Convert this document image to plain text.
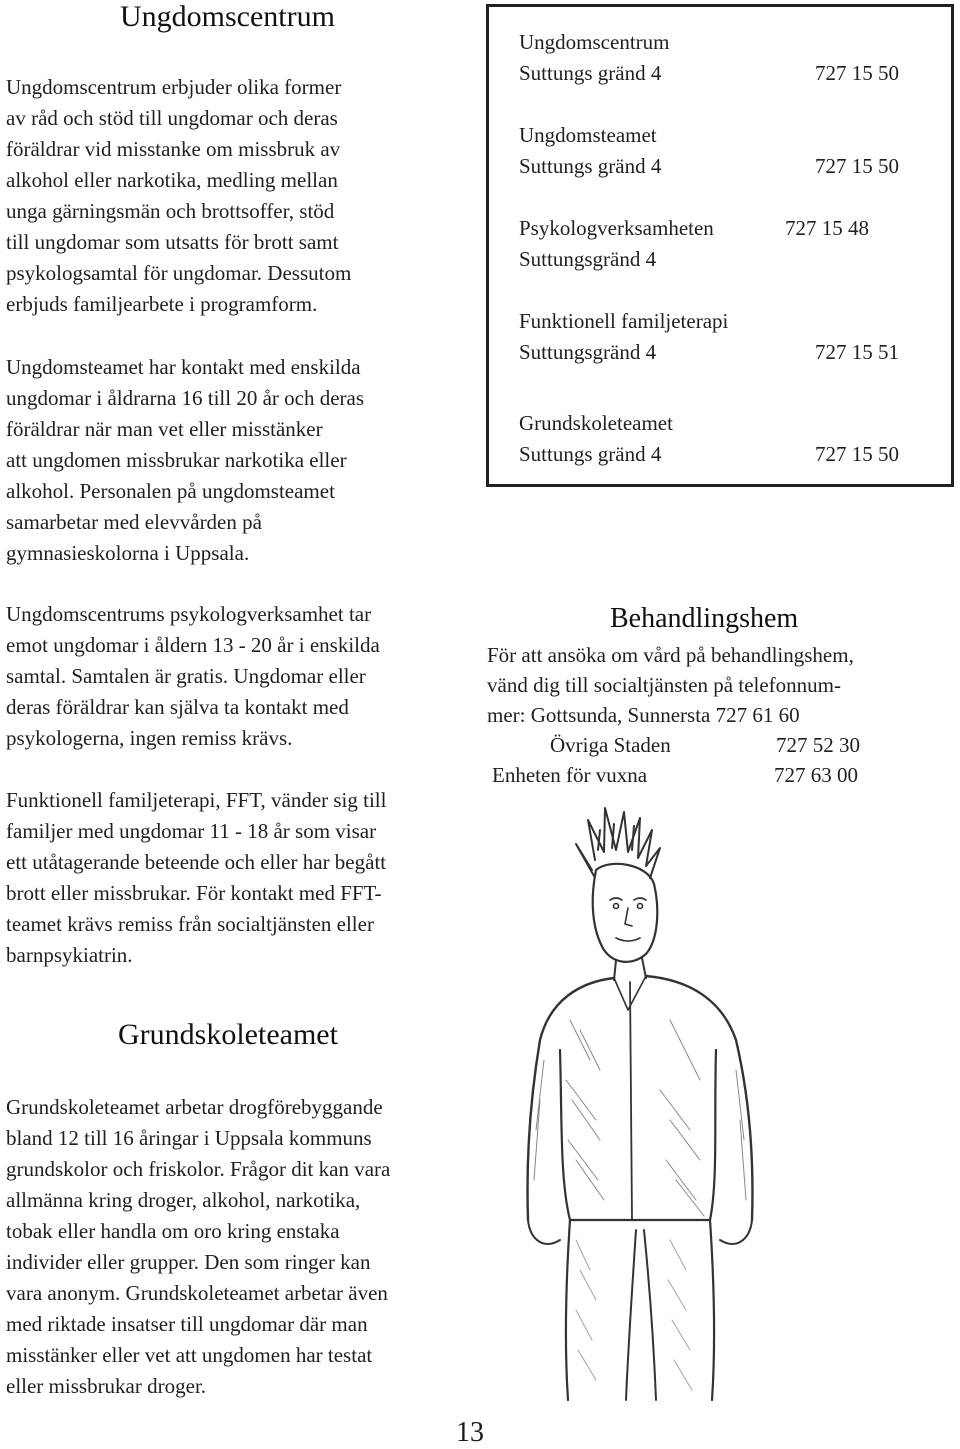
Ungdomscentrum
Ungdomscentrum erbjuder olika former
av råd och stöd till ungdomar och deras
föräldrar vid misstanke om missbruk av
alkohol eller narkotika, medling mellan
unga gärningsmän och brottsoffer, stöd
till ungdomar som utsatts för brott samt
psykologsamtal för ungdomar. Dessutom
erbjuds familjearbete i programform.
Ungdomsteamet har kontakt med enskilda
ungdomar i åldrarna 16 till 20 år och deras
föräldrar när man vet eller misstänker
att ungdomen missbrukar narkotika eller
alkohol. Personalen på ungdomsteamet
samarbetar med elevvården på
gymnasieskolorna i Uppsala.
Ungdomscentrums psykologverksamhet tar
emot ungdomar i åldern 13 - 20 år i enskilda
samtal. Samtalen är gratis. Ungdomar eller
deras föräldrar kan själva ta kontakt med
psykologerna, ingen remiss krävs.
Funktionell familjeterapi, FFT, vänder sig till
familjer med ungdomar 11 - 18 år som visar
ett utåtagerande beteende och eller har begått
brott eller missbrukar. För kontakt med FFT-
teamet krävs remiss från socialtjänsten eller
barnpsykiatrin.
Grundskoleteamet
Grundskoleteamet arbetar drogförebyggande
bland 12 till 16 åringar i Uppsala kommuns
grundskolor och friskolor. Frågor dit kan vara
allmänna kring droger, alkohol, narkotika,
tobak eller handla om oro kring enstaka
individer eller grupper. Den som ringer kan
vara anonym. Grundskoleteamet arbetar även
med riktade insatser till ungdomar där man
misstänker eller vet att ungdomen har testat
eller missbrukar droger.
Ungdomscentrum
Suttungs gränd 4	727 15 50
Ungdomsteamet
Suttungs gränd 4	727 15 50
Psykologverksamheten	727 15 48
Suttungsgränd 4
Funktionell familjeterapi
Suttungsgränd 4	727 15 51
Grundskoleteamet
Suttungs gränd 4	727 15 50
Behandlingshem
För att ansöka om vård på behandlingshem,
vänd dig till socialtjänsten på telefonnum-
mer: Gottsunda, Sunnersta 727 61 60
Övriga Staden	727 52 30
Enheten för vuxna	727 63 00
13
